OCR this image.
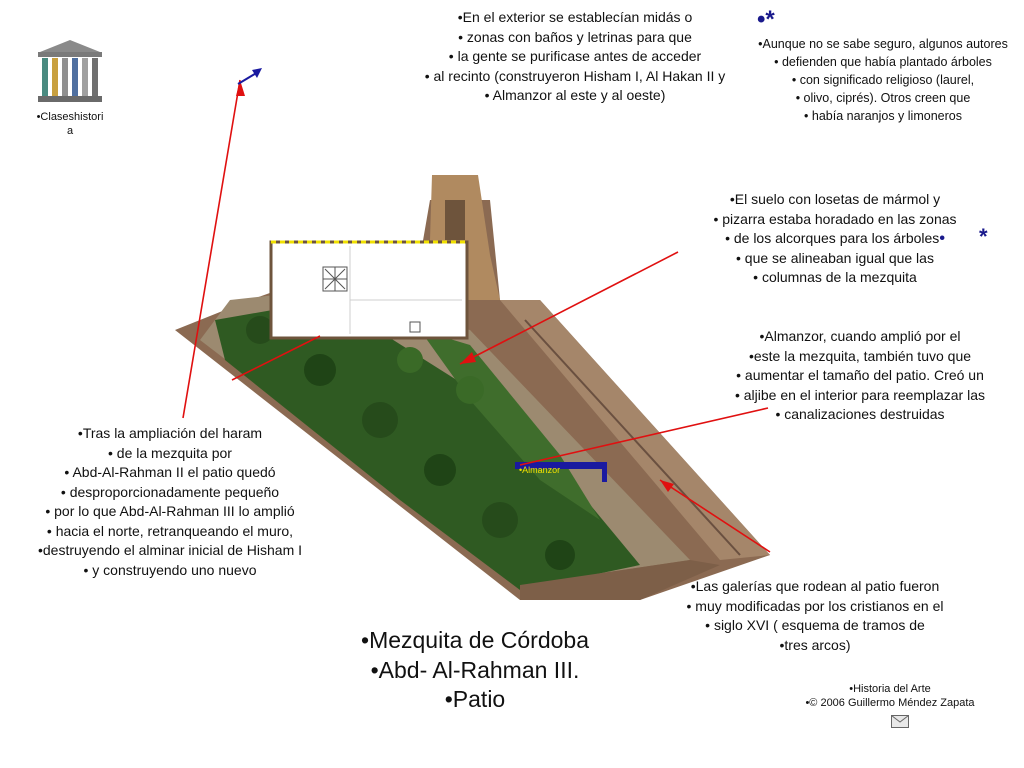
•Claseshistori
a
•Almanzor
•En el exterior se establecían midás o
• zonas con baños y letrinas para que
• la gente se purificase antes de acceder
• al recinto (construyeron Hisham I, Al Hakan II y
• Almanzor al este y al oeste)
•*
•Aunque no se sabe seguro, algunos autores
• defienden que había plantado árboles
• con significado religioso (laurel,
• olivo, ciprés). Otros creen que
• había naranjos y limoneros
•El suelo con losetas de mármol y
• pizarra estaba horadado en las zonas
• de los alcorques para los árboles•
• que se alineaban igual que las
• columnas de la mezquita
*
•Almanzor, cuando amplió por el
•este la mezquita, también tuvo que
• aumentar el tamaño del patio. Creó un
• aljibe en el interior para reemplazar las
• canalizaciones destruidas
•Tras la ampliación del haram
• de la mezquita por
• Abd-Al-Rahman II el patio quedó
• desproporcionadamente pequeño
• por lo que Abd-Al-Rahman III lo amplió
• hacia el norte, retranqueando el muro,
•destruyendo el alminar inicial de Hisham I
• y construyendo uno nuevo
•Las galerías que rodean al patio fueron
• muy modificadas por los cristianos en el
• siglo XVI ( esquema de tramos de
•tres arcos)
•Mezquita de Córdoba
•Abd- Al-Rahman III.
•Patio	•Historia del Arte
•© 2006 Guillermo Méndez Zapata
